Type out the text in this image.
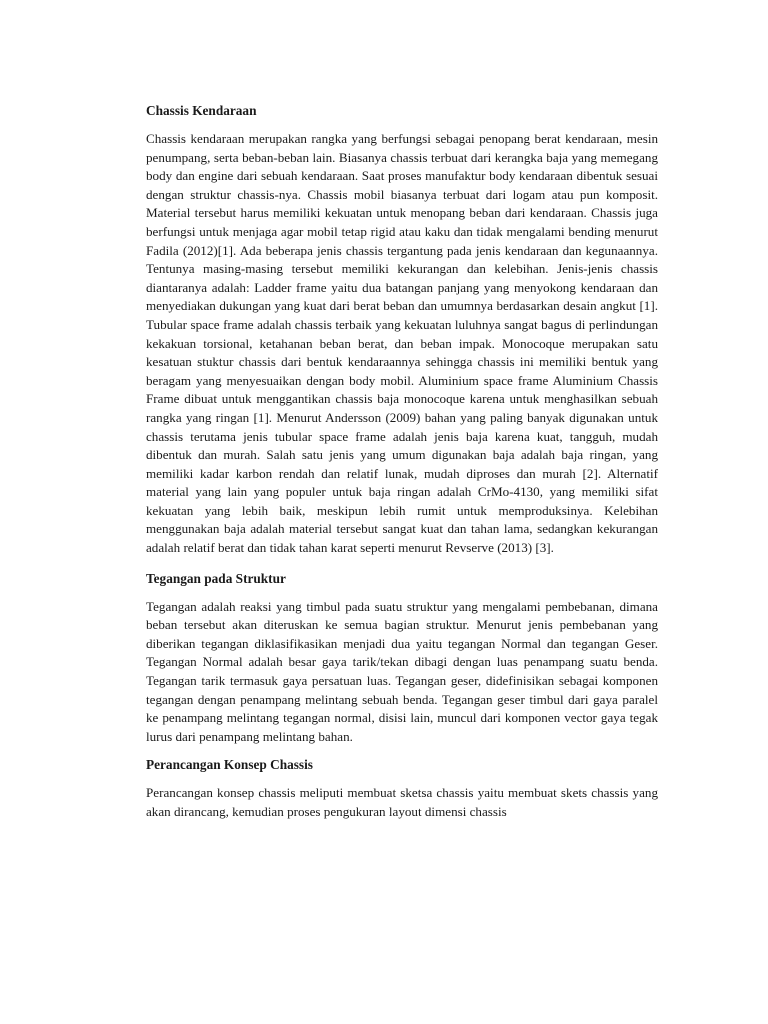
Chassis Kendaraan

Chassis kendaraan merupakan rangka yang berfungsi sebagai penopang berat kendaraan, mesin penumpang, serta beban-beban lain. Biasanya chassis terbuat dari kerangka baja yang memegang body dan engine dari sebuah kendaraan. Saat proses manufaktur body kendaraan dibentuk sesuai dengan struktur chassis-nya. Chassis mobil biasanya terbuat dari logam atau pun komposit. Material tersebut harus memiliki kekuatan untuk menopang beban dari kendaraan. Chassis juga berfungsi untuk menjaga agar mobil tetap rigid atau kaku dan tidak mengalami bending menurut Fadila (2012)[1]. Ada beberapa jenis chassis tergantung pada jenis kendaraan dan kegunaannya. Tentunya masing-masing tersebut memiliki kekurangan dan kelebihan. Jenis-jenis chassis diantaranya adalah: Ladder frame yaitu dua batangan panjang yang menyokong kendaraan dan menyediakan dukungan yang kuat dari berat beban dan umumnya berdasarkan desain angkut [1]. Tubular space frame adalah chassis terbaik yang kekuatan luluhnya sangat bagus di perlindungan kekakuan torsional, ketahanan beban berat, dan beban impak. Monocoque merupakan satu kesatuan stuktur chassis dari bentuk kendaraannya sehingga chassis ini memiliki bentuk yang beragam yang menyesuaikan dengan body mobil. Aluminium space frame Aluminium Chassis Frame dibuat untuk menggantikan chassis baja monocoque karena untuk menghasilkan sebuah rangka yang ringan [1]. Menurut Andersson (2009) bahan yang paling banyak digunakan untuk chassis terutama jenis tubular space frame adalah jenis baja karena kuat, tangguh, mudah dibentuk dan murah. Salah satu jenis yang umum digunakan baja adalah baja ringan, yang memiliki kadar karbon rendah dan relatif lunak, mudah diproses dan murah [2]. Alternatif material yang lain yang populer untuk baja ringan adalah CrMo-4130, yang memiliki sifat kekuatan yang lebih baik, meskipun lebih rumit untuk memproduksinya. Kelebihan menggunakan baja adalah material tersebut sangat kuat dan tahan lama, sedangkan kekurangan adalah relatif berat dan tidak tahan karat seperti menurut Revserve (2013) [3].

Tegangan pada Struktur

Tegangan adalah reaksi yang timbul pada suatu struktur yang mengalami pembebanan, dimana beban tersebut akan diteruskan ke semua bagian struktur. Menurut jenis pembebanan yang diberikan tegangan diklasifikasikan menjadi dua yaitu tegangan Normal dan tegangan Geser. Tegangan Normal adalah besar gaya tarik/tekan dibagi dengan luas penampang suatu benda. Tegangan tarik termasuk gaya persatuan luas. Tegangan geser, didefinisikan sebagai komponen tegangan dengan penampang melintang sebuah benda. Tegangan geser timbul dari gaya paralel ke penampang melintang tegangan normal, disisi lain, muncul dari komponen vector gaya tegak lurus dari penampang melintang bahan.

Perancangan Konsep Chassis

Perancangan konsep chassis meliputi membuat sketsa chassis yaitu membuat skets chassis yang akan dirancang, kemudian proses pengukuran layout dimensi chassis
